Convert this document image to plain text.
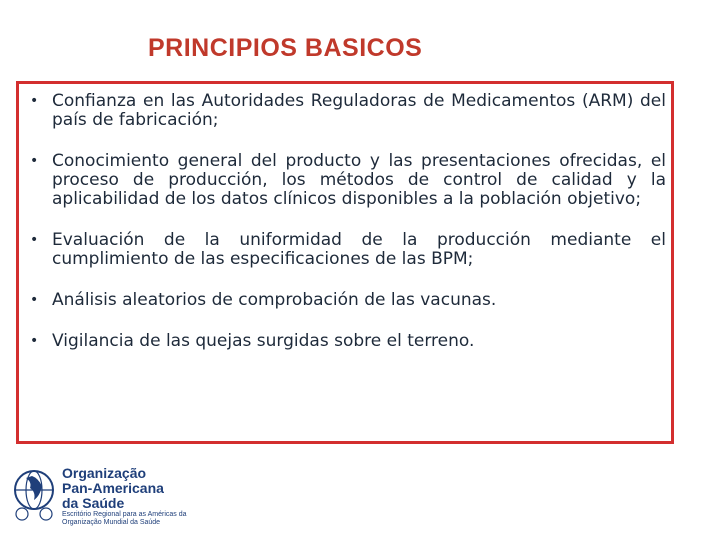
PRINCIPIOS BASICOS
• Confianza en las Autoridades Reguladoras de Medicamentos (ARM) del país de fabricación;
• Conocimiento general del producto y las presentaciones ofrecidas, el proceso de producción, los métodos de control de calidad y la aplicabilidad de los datos clínicos disponibles a la población objetivo;
• Evaluación de la uniformidad de la producción mediante el cumplimiento de las especificaciones de las BPM;
• Análisis aleatorios de comprobación de las vacunas.
• Vigilancia de las quejas surgidas sobre el terreno.
Organização
Pan-Americana
da Saúde
Escritório Regional para as Américas da
Organização Mundial da Saúde
